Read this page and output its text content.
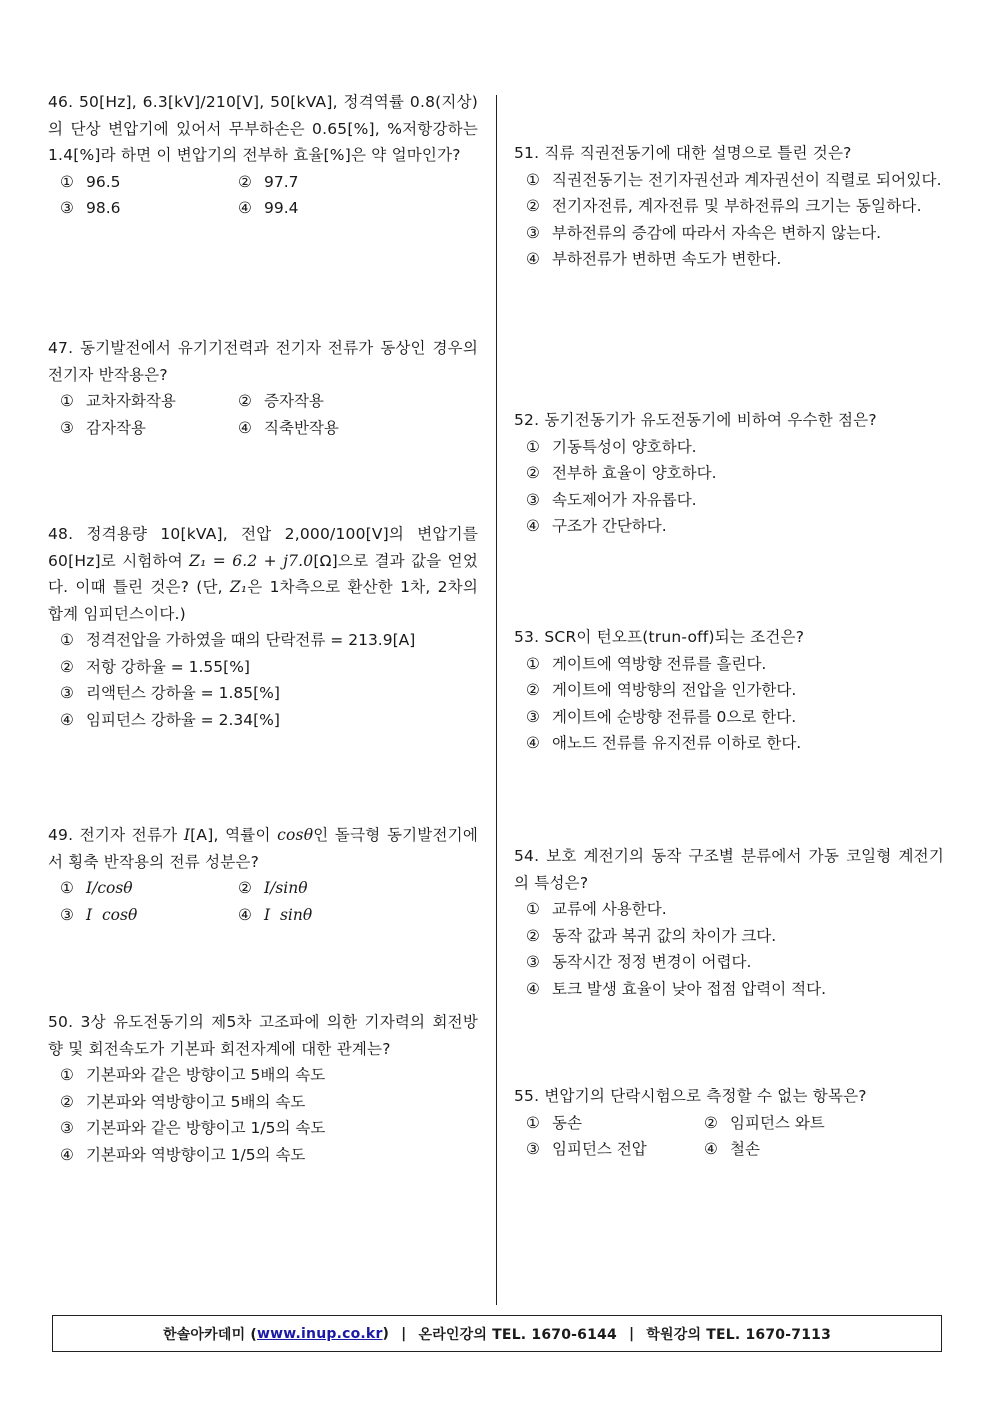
46. 50[Hz], 6.3[kV]/210[V], 50[kVA], 정격역률 0.8(지상)의 단상 변압기에 있어서 무부하손은 0.65[%], %저항강하는 1.4[%]라 하면 이 변압기의 전부하 효율[%]은 약 얼마인가?
① 96.5	② 97.7
③ 98.6	④ 99.4
47. 동기발전에서 유기기전력과 전기자 전류가 동상인 경우의 전기자 반작용은?
① 교차자화작용	② 증자작용
③ 감자작용	④ 직축반작용
48. 정격용량 10[kVA], 전압 2,000/100[V]의 변압기를 60[Hz]로 시험하여 Z₁ = 6.2 + j7.0[Ω]으로 결과 값을 얻었다. 이때 틀린 것은? (단, Z₁은 1차측으로 환산한 1차, 2차의 합계 임피던스이다.)
① 정격전압을 가하였을 때의 단락전류 = 213.9[A]
② 저항 강하율 = 1.55[%]
③ 리액턴스 강하율 = 1.85[%]
④ 임피던스 강하율 = 2.34[%]
49. 전기자 전류가 I[A], 역률이 cosθ인 돌극형 동기발전기에서 횡축 반작용의 전류 성분은?
① I/cosθ	② I/sinθ
③ I  cosθ	④ I  sinθ
50. 3상 유도전동기의 제5차 고조파에 의한 기자력의 회전방향 및 회전속도가 기본파 회전자계에 대한 관계는?
① 기본파와 같은 방향이고 5배의 속도
② 기본파와 역방향이고 5배의 속도
③ 기본파와 같은 방향이고 1/5의 속도
④ 기본파와 역방향이고 1/5의 속도
51. 직류 직권전동기에 대한 설명으로 틀린 것은?
① 직권전동기는 전기자권선과 계자권선이 직렬로 되어있다.
② 전기자전류, 계자전류 및 부하전류의 크기는 동일하다.
③ 부하전류의 증감에 따라서 자속은 변하지 않는다.
④ 부하전류가 변하면 속도가 변한다.
52. 동기전동기가 유도전동기에 비하여 우수한 점은?
① 기동특성이 양호하다.
② 전부하 효율이 양호하다.
③ 속도제어가 자유롭다.
④ 구조가 간단하다.
53. SCR이 턴오프(trun-off)되는 조건은?
① 게이트에 역방향 전류를 흘린다.
② 게이트에 역방향의 전압을 인가한다.
③ 게이트에 순방향 전류를 0으로 한다.
④ 애노드 전류를 유지전류 이하로 한다.
54. 보호 계전기의 동작 구조별 분류에서 가동 코일형 계전기의 특성은?
① 교류에 사용한다.
② 동작 값과 복귀 값의 차이가 크다.
③ 동작시간 정정 변경이 어렵다.
④ 토크 발생 효율이 낮아 접점 압력이 적다.
55. 변압기의 단락시험으로 측정할 수 없는 항목은?
① 동손	② 임피던스 와트
③ 임피던스 전압	④ 철손
한솔아카데미 ( www.inup.co.kr ) | 온라인강의 TEL. 1670-6144 | 학원강의 TEL. 1670-7113
